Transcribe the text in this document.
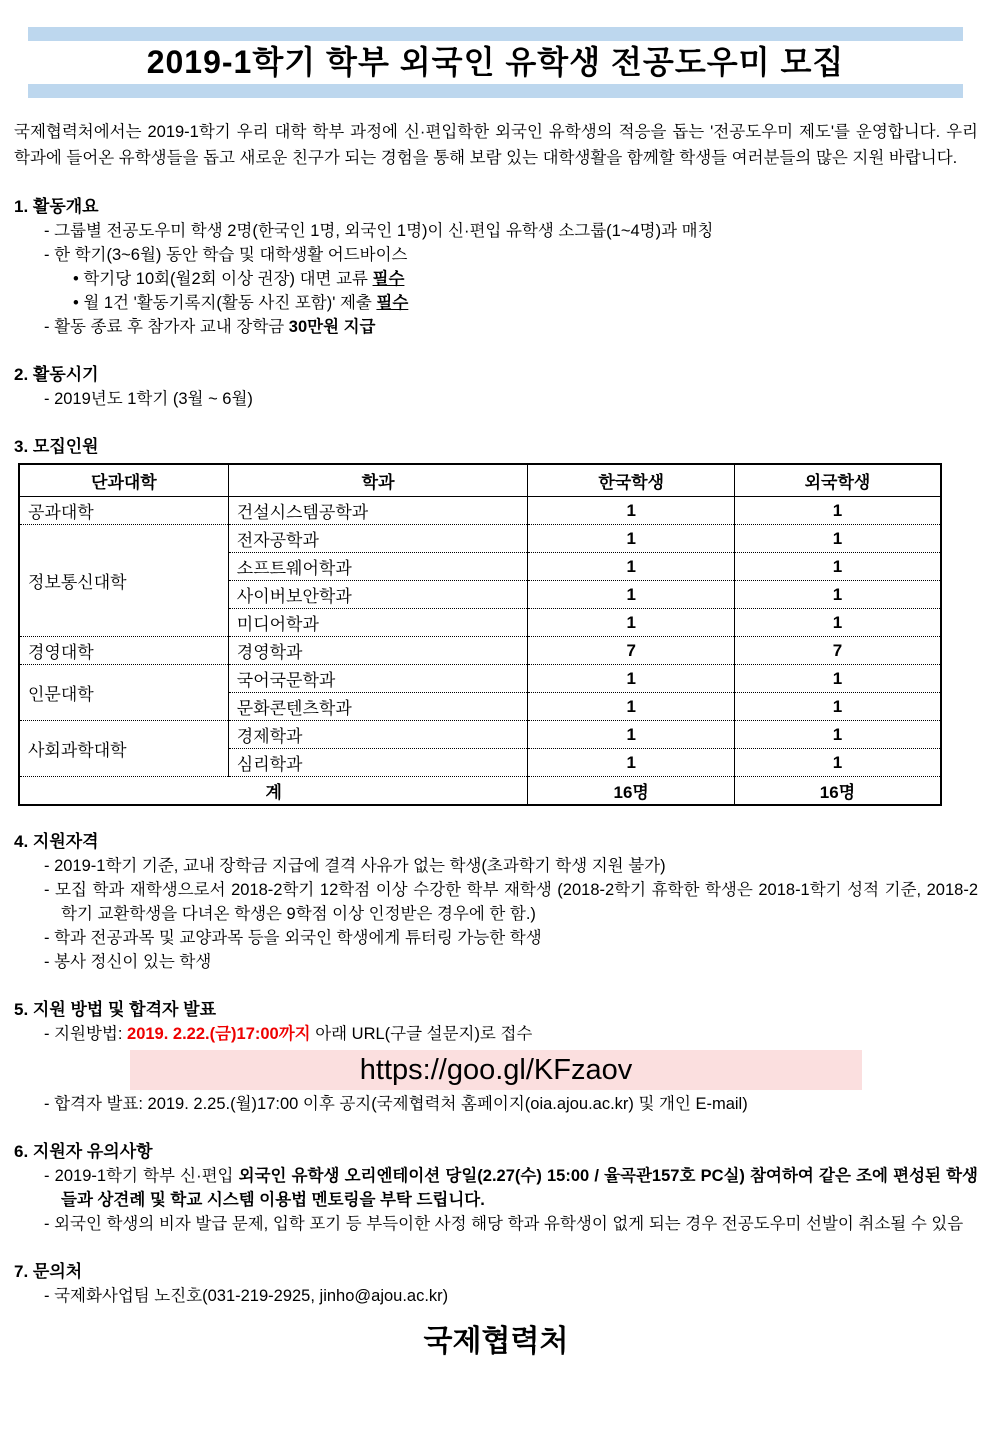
2019-1학기 학부 외국인 유학생 전공도우미 모집

국제협력처에서는 2019-1학기 우리 대학 학부 과정에 신·편입학한 외국인 유학생의 적응을 돕는 '전공도우미 제도'를 운영합니다. 우리 학과에 들어온 유학생들을 돕고 새로운 친구가 되는 경험을 통해 보람 있는 대학생활을 함께할 학생들 여러분들의 많은 지원 바랍니다.

1. 활동개요

- 그룹별 전공도우미 학생 2명(한국인 1명, 외국인 1명)이 신·편입 유학생 소그룹(1~4명)과 매칭

- 한 학기(3~6월) 동안 학습 및 대학생활 어드바이스

• 학기당 10회(월2회 이상 권장) 대면 교류 필수

• 월 1건 '활동기록지(활동 사진 포함)' 제출 필수

- 활동 종료 후 참가자 교내 장학금 30만원 지급

2. 활동시기

- 2019년도 1학기 (3월 ~ 6월)

3. 모집인원
단과대학	학과	한국학생	외국학생
공과대학	건설시스템공학과	1	1
정보통신대학	전자공학과	1	1
	소프트웨어학과	1	1
	사이버보안학과	1	1
	미디어학과	1	1
경영대학	경영학과	7	7
인문대학	국어국문학과	1	1
	문화콘텐츠학과	1	1
사회과학대학	경제학과	1	1
	심리학과	1	1
계		16명	16명
4. 지원자격

- 2019-1학기 기준, 교내 장학금 지급에 결격 사유가 없는 학생(초과학기 학생 지원 불가)

- 모집 학과 재학생으로서 2018-2학기 12학점 이상 수강한 학부 재학생 (2018-2학기 휴학한 학생은 2018-1학기 성적 기준, 2018-2학기 교환학생을 다녀온 학생은 9학점 이상 인정받은 경우에 한 함.)

- 학과 전공과목 및 교양과목 등을 외국인 학생에게 튜터링 가능한 학생

- 봉사 정신이 있는 학생

5. 지원 방법 및 합격자 발표

- 지원방법: 2019. 2.22.(금)17:00까지 아래 URL(구글 설문지)로 접수

https://goo.gl/KFzaov

- 합격자 발표: 2019. 2.25.(월)17:00 이후 공지(국제협력처 홈페이지(oia.ajou.ac.kr) 및 개인 E-mail)

6. 지원자 유의사항

- 2019-1학기 학부 신·편입 외국인 유학생 오리엔테이션 당일(2.27(수) 15:00 / 율곡관157호 PC실) 참여하여 같은 조에 편성된 학생들과 상견례 및 학교 시스템 이용법 멘토링을 부탁 드립니다.

- 외국인 학생의 비자 발급 문제, 입학 포기 등 부득이한 사정 해당 학과 유학생이 없게 되는 경우 전공도우미 선발이 취소될 수 있음

7. 문의처

- 국제화사업팀 노진호(031-219-2925, jinho@ajou.ac.kr)

국제협력처
